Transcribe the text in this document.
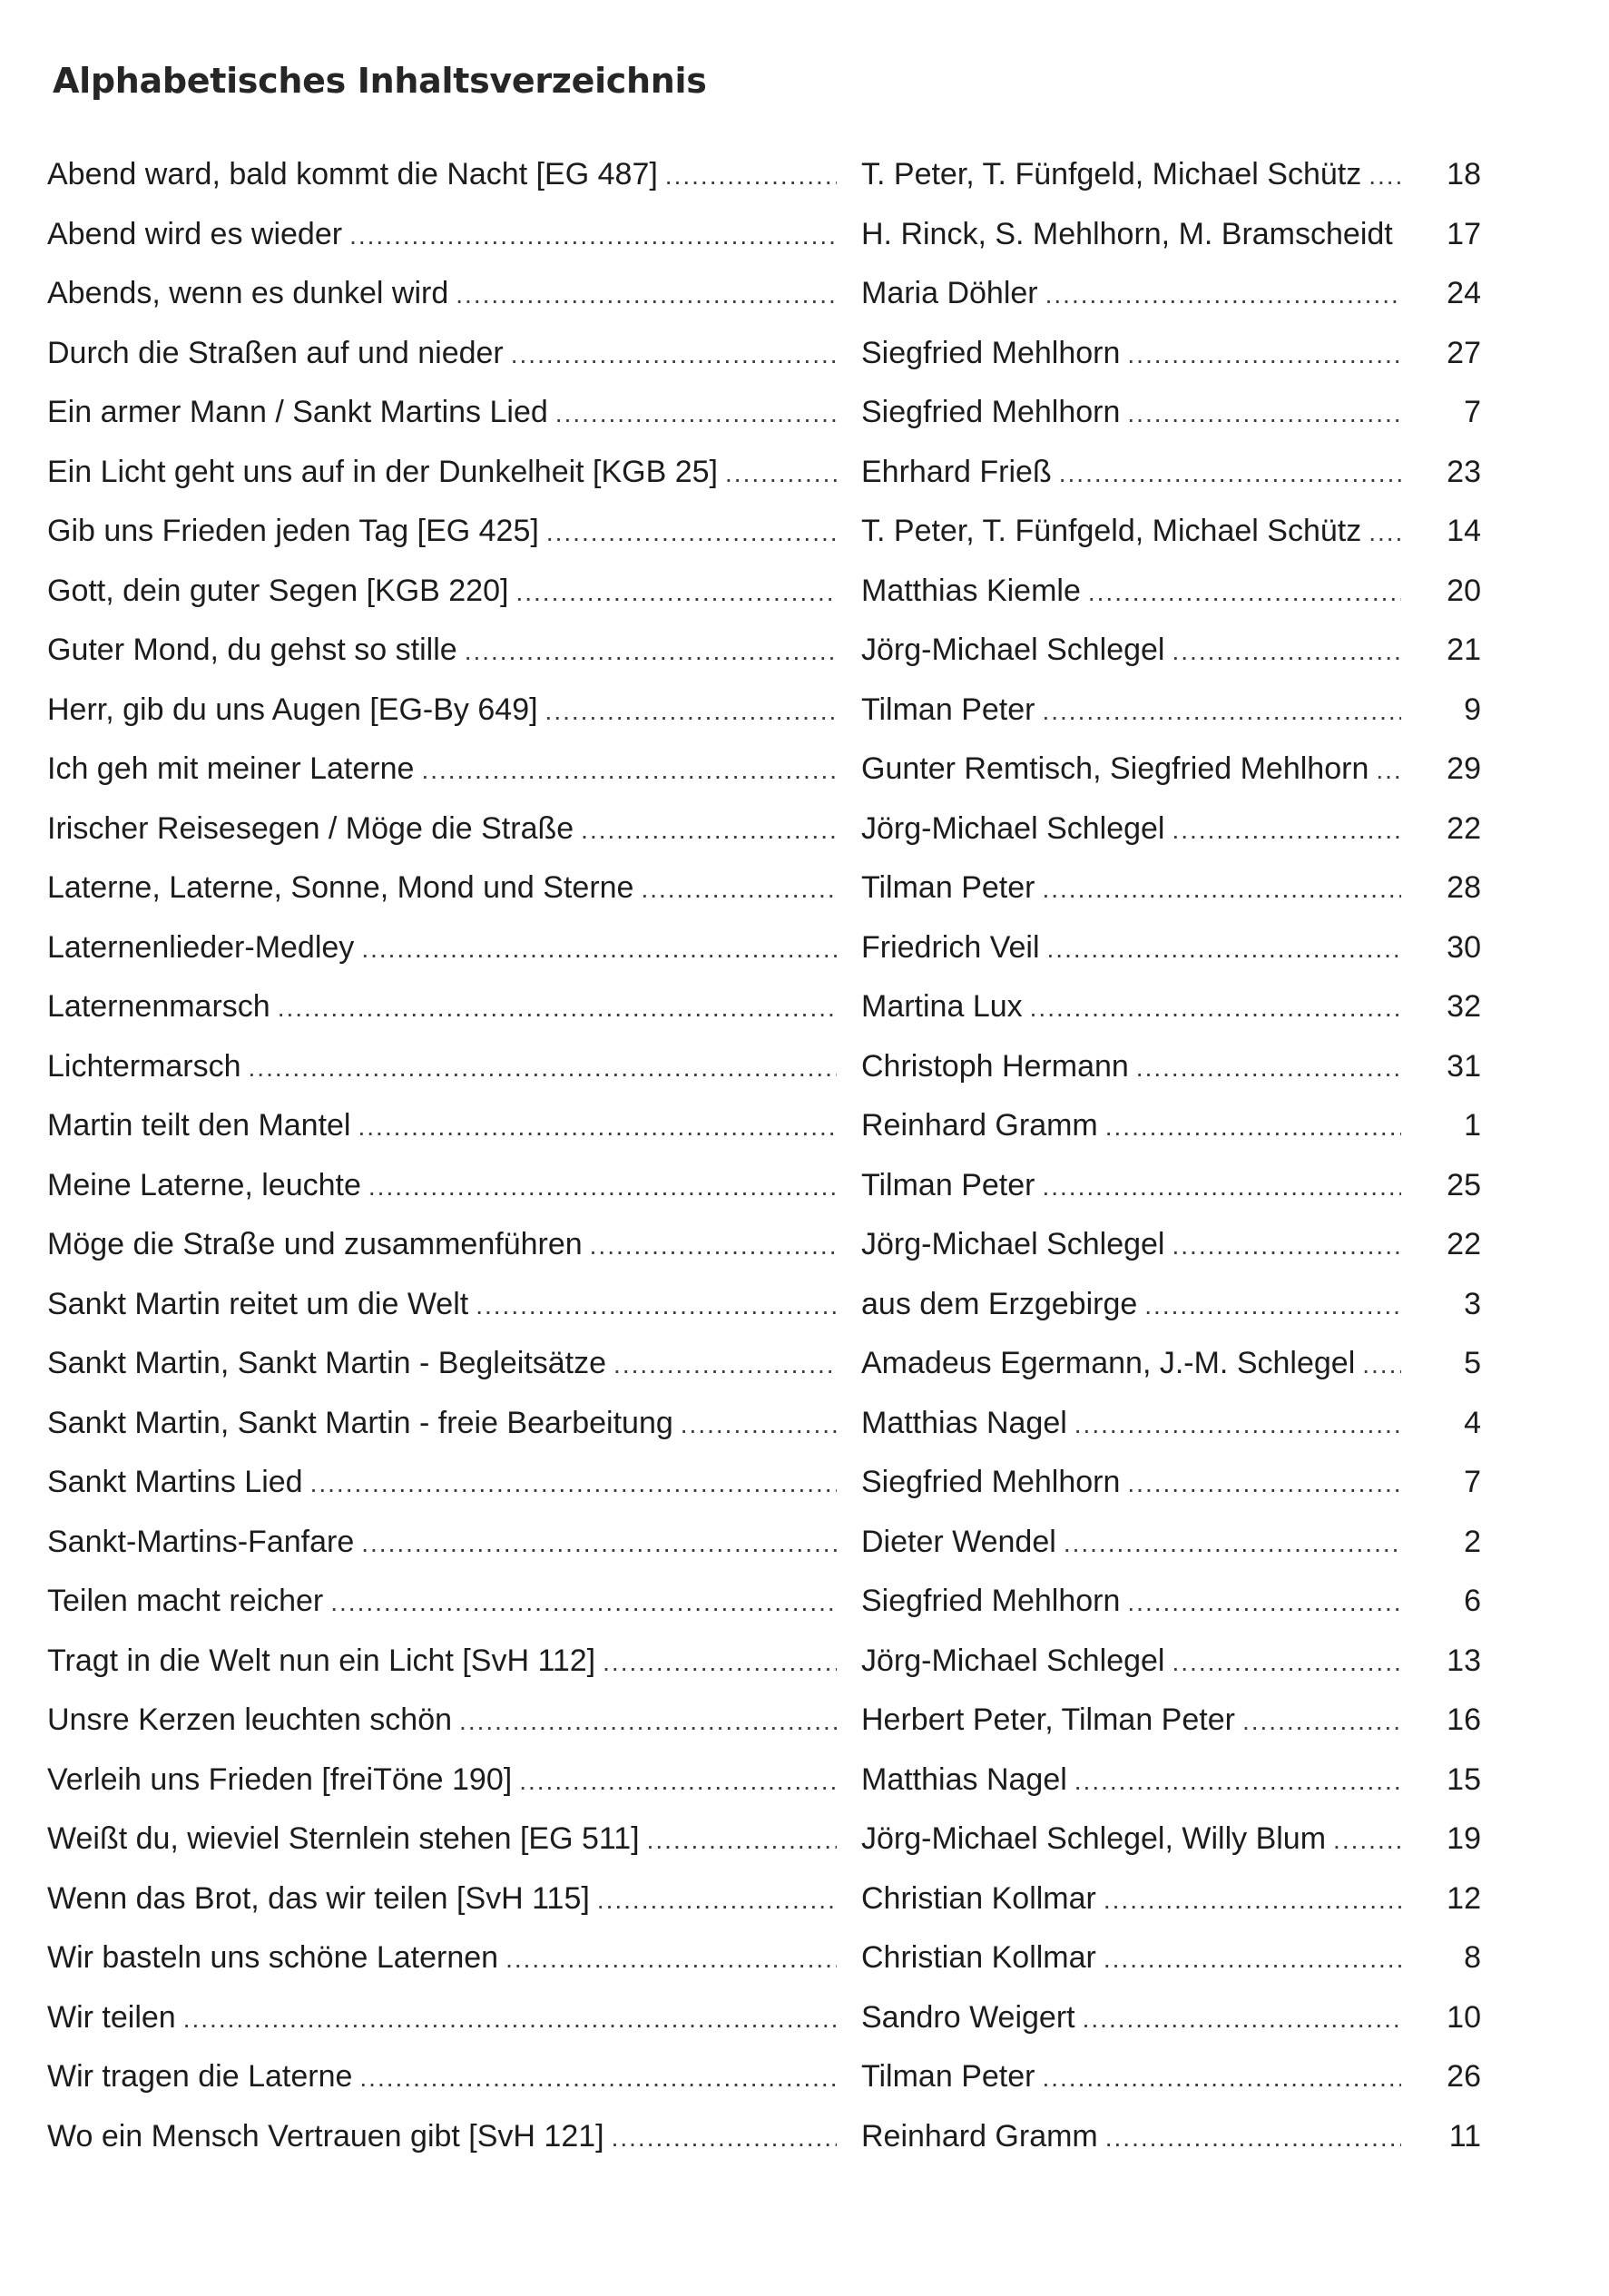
Alphabetisches Inhaltsverzeichnis
Abend ward, bald kommt die Nacht [EG 487] .....	T. Peter, T. Fünfgeld, Michael Schütz .....	18
Abend wird es wieder .....	H. Rinck, S. Mehlhorn, M. Bramscheidt .....	17
Abends, wenn es dunkel wird .....	Maria Döhler .....	24
Durch die Straßen auf und nieder .....	Siegfried Mehlhorn .....	27
Ein armer Mann / Sankt Martins Lied .....	Siegfried Mehlhorn .....	7
Ein Licht geht uns auf in der Dunkelheit [KGB 25] .....	Ehrhard Frieß .....	23
Gib uns Frieden jeden Tag [EG 425] .....	T. Peter, T. Fünfgeld, Michael Schütz .....	14
Gott, dein guter Segen [KGB 220] .....	Matthias Kiemle .....	20
Guter Mond, du gehst so stille .....	Jörg-Michael Schlegel .....	21
Herr, gib du uns Augen [EG-By 649] .....	Tilman Peter .....	9
Ich geh mit meiner Laterne .....	Gunter Remtisch, Siegfried Mehlhorn .....	29
Irischer Reisesegen / Möge die Straße .....	Jörg-Michael Schlegel .....	22
Laterne, Laterne, Sonne, Mond und Sterne .....	Tilman Peter .....	28
Laternenlieder-Medley .....	Friedrich Veil .....	30
Laternenmarsch .....	Martina Lux .....	32
Lichtermarsch .....	Christoph Hermann .....	31
Martin teilt den Mantel .....	Reinhard Gramm .....	1
Meine Laterne, leuchte .....	Tilman Peter .....	25
Möge die Straße und zusammenführen .....	Jörg-Michael Schlegel .....	22
Sankt Martin reitet um die Welt .....	aus dem Erzgebirge .....	3
Sankt Martin, Sankt Martin - Begleitsätze .....	Amadeus Egermann, J.-M. Schlegel .....	5
Sankt Martin, Sankt Martin - freie Bearbeitung .....	Matthias Nagel .....	4
Sankt Martins Lied .....	Siegfried Mehlhorn .....	7
Sankt-Martins-Fanfare .....	Dieter Wendel .....	2
Teilen macht reicher .....	Siegfried Mehlhorn .....	6
Tragt in die Welt nun ein Licht [SvH 112] .....	Jörg-Michael Schlegel .....	13
Unsre Kerzen leuchten schön .....	Herbert Peter, Tilman Peter .....	16
Verleih uns Frieden [freiTöne 190] .....	Matthias Nagel .....	15
Weißt du, wieviel Sternlein stehen [EG 511] .....	Jörg-Michael Schlegel, Willy Blum .....	19
Wenn das Brot, das wir teilen [SvH 115] .....	Christian Kollmar .....	12
Wir basteln uns schöne Laternen .....	Christian Kollmar .....	8
Wir teilen .....	Sandro Weigert .....	10
Wir tragen die Laterne .....	Tilman Peter .....	26
Wo ein Mensch Vertrauen gibt [SvH 121] .....	Reinhard Gramm .....	11
